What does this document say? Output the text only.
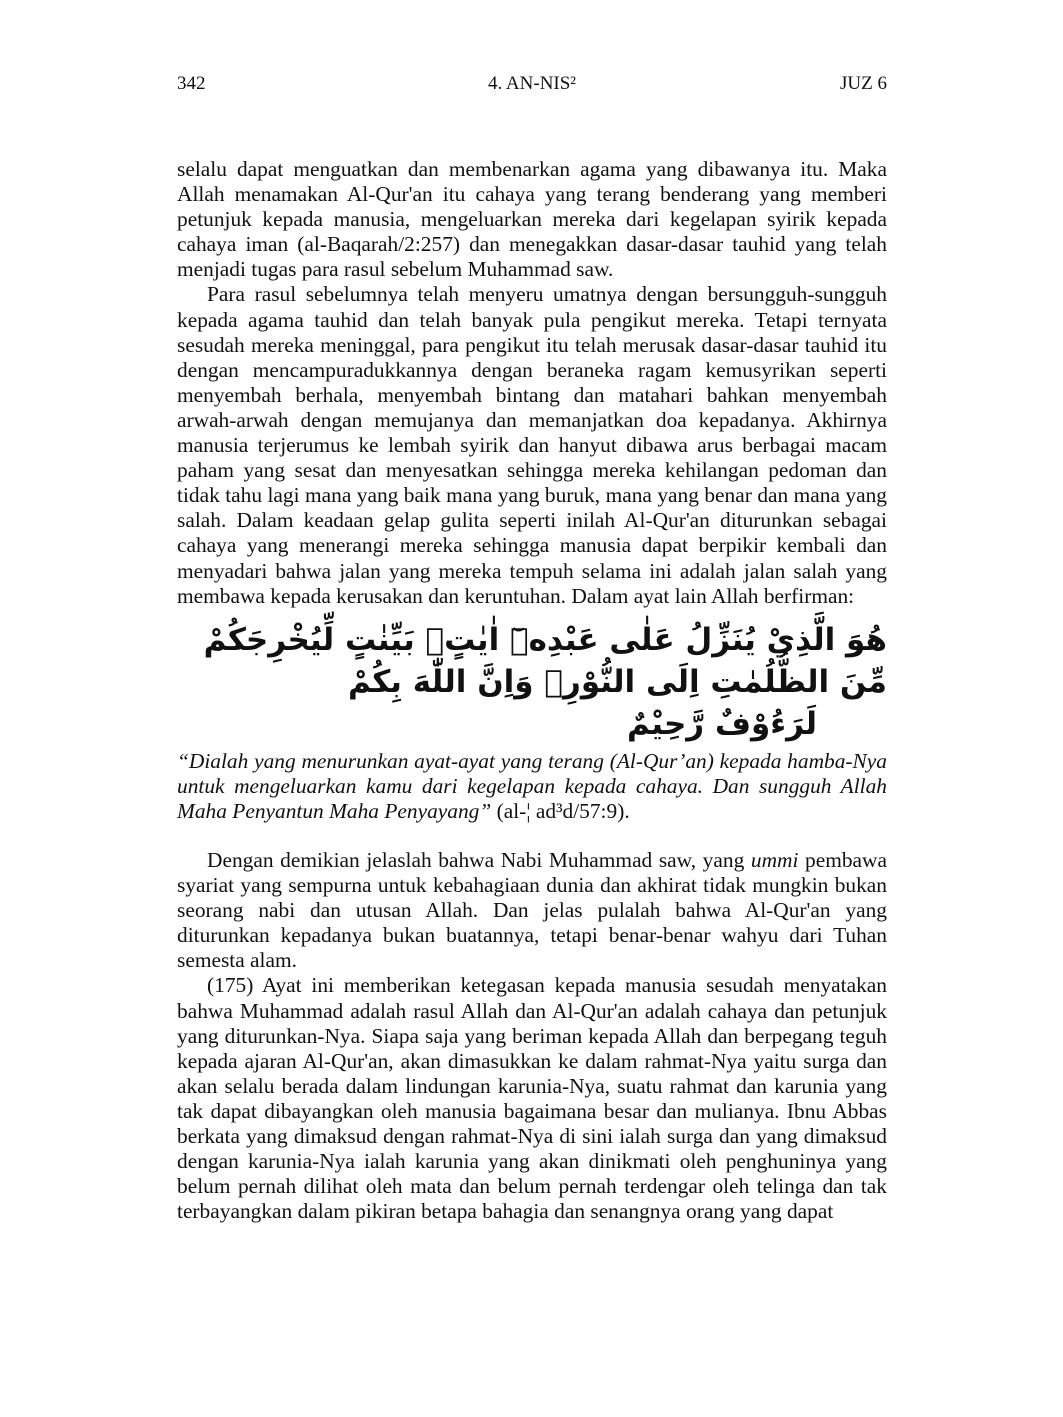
342	4. AN-NIS²	JUZ 6

selalu dapat menguatkan dan membenarkan agama yang dibawanya itu. Maka Allah menamakan Al-Qur'an itu cahaya yang terang benderang yang memberi petunjuk kepada manusia, mengeluarkan mereka dari kegelapan syirik kepada cahaya iman (al-Baqarah/2:257) dan menegakkan dasar-dasar tauhid yang telah menjadi tugas para rasul sebelum Muhammad saw.

Para rasul sebelumnya telah menyeru umatnya dengan bersungguh-sungguh kepada agama tauhid dan telah banyak pula pengikut mereka. Tetapi ternyata sesudah mereka meninggal, para pengikut itu telah merusak dasar-dasar tauhid itu dengan mencampuradukkannya dengan beraneka ragam kemusyrikan seperti menyembah berhala, menyembah bintang dan matahari bahkan menyembah arwah-arwah dengan memujanya dan memanjatkan doa kepadanya. Akhirnya manusia terjerumus ke lembah syirik dan hanyut dibawa arus berbagai macam paham yang sesat dan menyesatkan sehingga mereka kehilangan pedoman dan tidak tahu lagi mana yang baik mana yang buruk, mana yang benar dan mana yang salah. Dalam keadaan gelap gulita seperti inilah Al-Qur'an diturunkan sebagai cahaya yang menerangi mereka sehingga manusia dapat berpikir kembali dan menyadari bahwa jalan yang mereka tempuh selama ini adalah jalan salah yang membawa kepada kerusakan dan keruntuhan. Dalam ayat lain Allah berfirman:

هُوَ الَّذِيْ يُنَزِّلُ عَلٰى عَبْدِهٖٓ اٰيٰتٍۢ بَيِّنٰتٍ لِّيُخْرِجَكُمْ مِّنَ الظُّلُمٰتِ اِلَى النُّوْرِۗ وَاِنَّ اللّٰهَ بِكُمْ
لَرَءُوْفٌ رَّحِيْمٌ

“Dialah yang menurunkan ayat-ayat yang terang (Al-Qur’an) kepada hamba-Nya untuk mengeluarkan kamu dari kegelapan kepada cahaya. Dan sungguh Allah Maha Penyantun Maha Penyayang” (al-¦ ad³d/57:9).

Dengan demikian jelaslah bahwa Nabi Muhammad saw, yang ummi pembawa syariat yang sempurna untuk kebahagiaan dunia dan akhirat tidak mungkin bukan seorang nabi dan utusan Allah. Dan jelas pulalah bahwa Al-Qur'an yang diturunkan kepadanya bukan buatannya, tetapi benar-benar wahyu dari Tuhan semesta alam.

(175) Ayat ini memberikan ketegasan kepada manusia sesudah menyatakan bahwa Muhammad adalah rasul Allah dan Al-Qur'an adalah cahaya dan petunjuk yang diturunkan-Nya. Siapa saja yang beriman kepada Allah dan berpegang teguh kepada ajaran Al-Qur'an, akan dimasukkan ke dalam rahmat-Nya yaitu surga dan akan selalu berada dalam lindungan karunia-Nya, suatu rahmat dan karunia yang tak dapat dibayangkan oleh manusia bagaimana besar dan mulianya. Ibnu Abbas berkata yang dimaksud dengan rahmat-Nya di sini ialah surga dan yang dimaksud dengan karunia-Nya ialah karunia yang akan dinikmati oleh penghuninya yang belum pernah dilihat oleh mata dan belum pernah terdengar oleh telinga dan tak terbayangkan dalam pikiran betapa bahagia dan senangnya orang yang dapat
